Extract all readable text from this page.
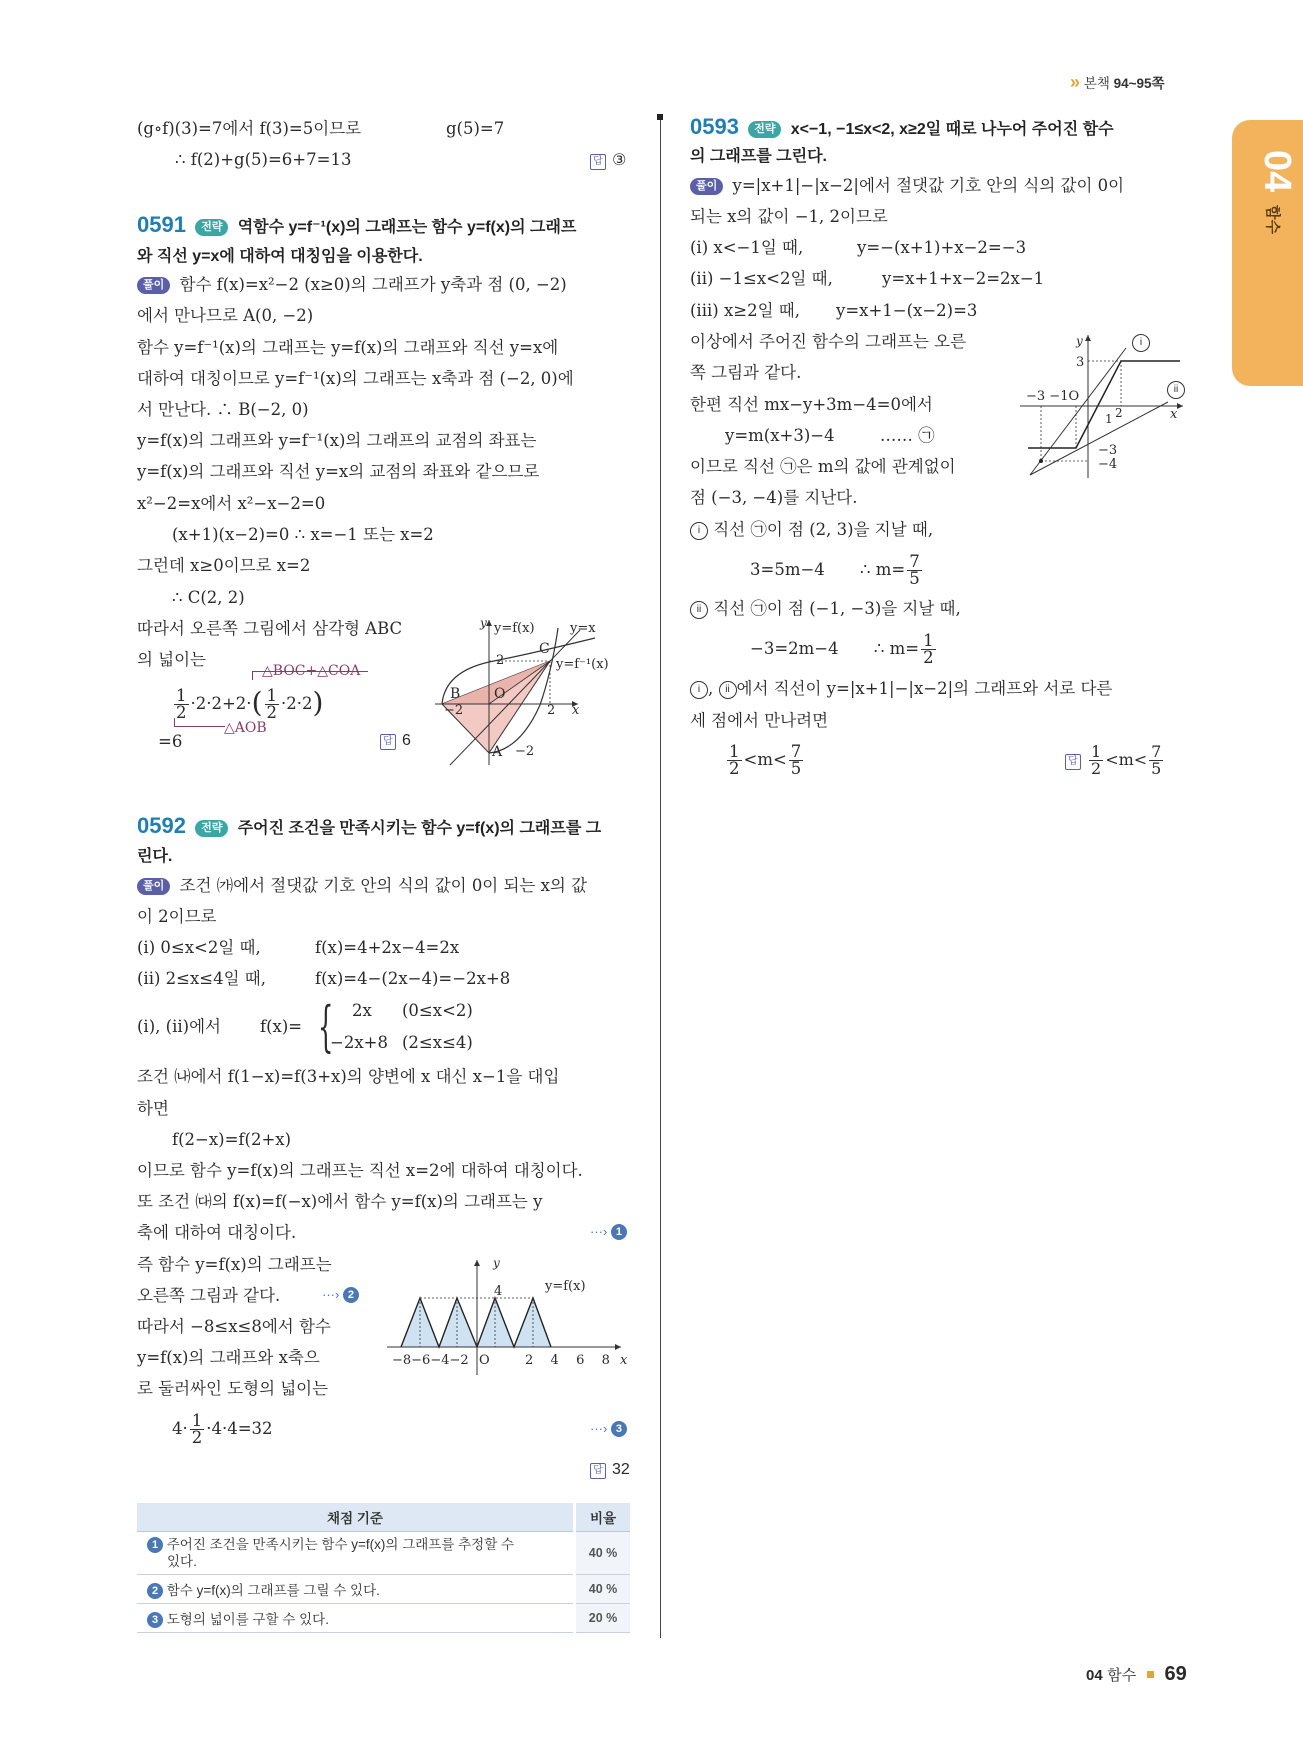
» 본책 94~95쪽
04
함수
(g∘f)(3)=7에서 f(3)=5이므로	g(5)=7
∴ f(2)+g(5)=6+7=13	답 ③
0591 전략 역함수 y=f⁻¹(x)의 그래프는 함수 y=f(x)의 그래프
와 직선 y=x에 대하여 대칭임을 이용한다.
풀이 함수 f(x)=x²−2 (x≥0)의 그래프가 y축과 점 (0, −2)
에서 만나므로 A(0, −2)
함수 y=f⁻¹(x)의 그래프는 y=f(x)의 그래프와 직선 y=x에
대하여 대칭이므로 y=f⁻¹(x)의 그래프는 x축과 점 (−2, 0)에
서 만난다. ∴ B(−2, 0)
y=f(x)의 그래프와 y=f⁻¹(x)의 그래프의 교점의 좌표는
y=f(x)의 그래프와 직선 y=x의 교점의 좌표와 같으므로
x²−2=x에서 x²−x−2=0
(x+1)(x−2)=0 ∴ x=−1 또는 x=2
그런데 x≥0이므로 x=2
∴ C(2, 2)
따라서 오른쪽 그림에서 삼각형 ABC
의 넓이는
△BOC+△COA
$\frac{1}{2} \cdot 2\cdot 2+2\cdot( \frac{1}{2} \cdot 2\cdot 2)$
△AOB
=6	답 6
y y=f(x)	y=x
y=f⁻¹(x)
C
2
B O
−2	2 x
A −2
0592 전략 주어진 조건을 만족시키는 함수 y=f(x)의 그래프를 그
린다.
풀이 조건 ㈎에서 절댓값 기호 안의 식의 값이 0이 되는 x의 값
이 2이므로
(i) 0≤x<2일 때,	f(x)=4+2x−4=2x
(ii) 2≤x≤4일 때,	f(x)=4−(2x−4)=−2x+8
(i), (ii)에서 f(x)= { 2x (0≤x<2)
−2x+8 (2≤x≤4)
조건 ㈏에서 f(1−x)=f(3+x)의 양변에 x 대신 x−1을 대입
하면
f(2−x)=f(2+x)
이므로 함수 y=f(x)의 그래프는 직선 x=2에 대하여 대칭이다.
또 조건 ㈐의 f(x)=f(−x)에서 함수 y=f(x)의 그래프는 y
축에 대하여 대칭이다.	···› 1
즉 함수 y=f(x)의 그래프는
오른쪽 그림과 같다.	···› 2
따라서 −8≤x≤8에서 함수
y=f(x)의 그래프와 x축으
로 둘러싸인 도형의 넓이는
$4\cdot \frac{1}{2} \cdot 4\cdot 4=32$	···› 3
답 32
y
y=f(x)
4
−8−6−4−2 O	2  4  6  8 x
채점 기준	비율
1 주어진 조건을 만족시키는 함수 y=f(x)의 그래프를 추정할 수
있다.	40 %
2 함수 y=f(x)의 그래프를 그릴 수 있다.	40 %
3 도형의 넓이를 구할 수 있다.	20 %
0593 전략 x<−1, −1≤x<2, x≥2일 때로 나누어 주어진 함수
의 그래프를 그린다.
풀이 y=|x+1|−|x−2|에서 절댓값 기호 안의 식의 값이 0이
되는 x의 값이 −1, 2이므로
(i) x<−1일 때,	y=−(x+1)+x−2=−3
(ii) −1≤x<2일 때,	y=x+1+x−2=2x−1
(iii) x≥2일 때, y=x+1−(x−2)=3
이상에서 주어진 함수의 그래프는 오른
쪽 그림과 같다.
한편 직선 mx−y+3m−4=0에서
y=m(x+3)−4	…… ㉠
이므로 직선 ㉠은 m의 값에 관계없이
점 (−3, −4)를 지난다.
i 직선 ㉠이 점 (2, 3)을 지날 때,
3=5m−4 ∴ $m= \frac{7}{5}$
ii 직선 ㉠이 점 (−1, −3)을 지날 때,
−3=2m−4 ∴ $m= \frac{1}{2}$
i , ii 에서 직선이 y=|x+1|−|x−2|의 그래프와 서로 다른
세 점에서 만나려면
$\frac{1}{2} <m< \frac{7}{5}$	답 $\frac{1}{2} <m< \frac{7}{5}$
y	i
3
ii
−3 −1O
1 2	x
−3
−4
04 함수 69
